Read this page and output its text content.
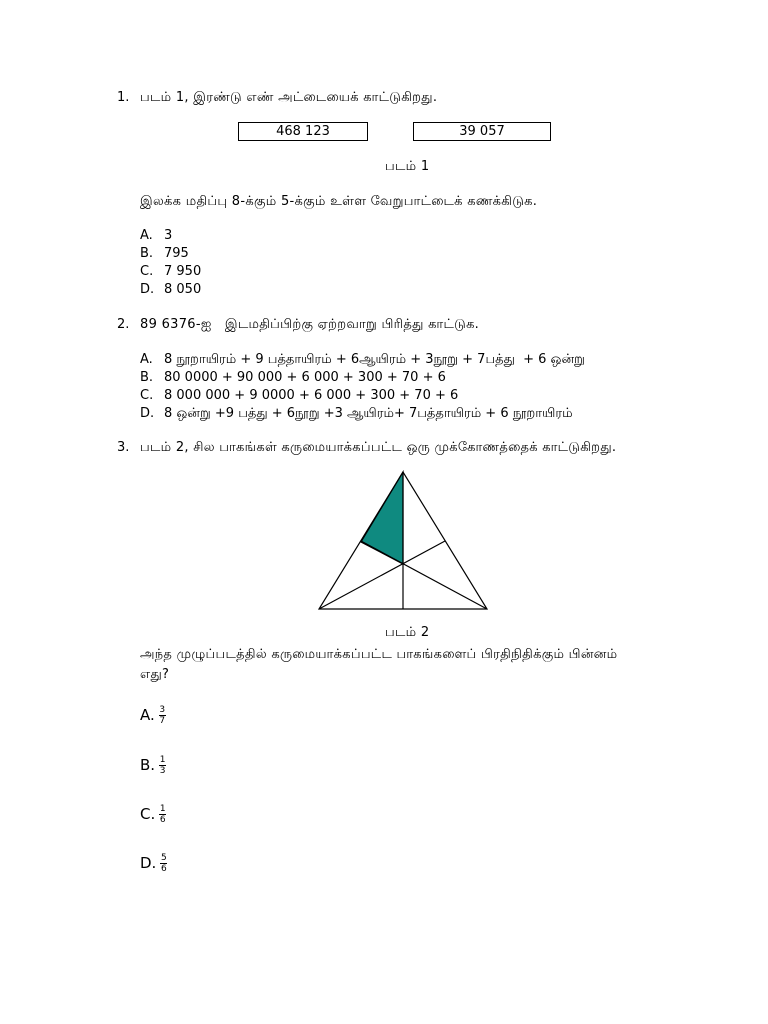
1. படம் 1, இரண்டு எண் அட்டையைக் காட்டுகிறது.
468 123	39 057
படம் 1
இலக்க மதிப்பு 8-க்கும் 5-க்கும் உள்ள வேறுபாட்டைக் கணக்கிடுக.
A. 3
B. 795
C. 7 950
D. 8 050
2. 89 6376-ஐ   இடமதிப்பிற்கு ஏற்றவாறு பிரித்து காட்டுக.
A. 8 நூறாயிரம் + 9 பத்தாயிரம் + 6ஆயிரம் + 3நூறு + 7பத்து  + 6 ஒன்று
B. 80 0000 + 90 000 + 6 000 + 300 + 70 + 6
C. 8 000 000 + 9 0000 + 6 000 + 300 + 70 + 6
D. 8 ஒன்று +9 பத்து + 6நூறு +3 ஆயிரம்+ 7பத்தாயிரம் + 6 நூறாயிரம்
3. படம் 2, சில பாகங்கள் கருமையாக்கப்பட்ட ஒரு முக்கோணத்தைக் காட்டுகிறது.
படம் 2
அந்த முழுப்படத்தில் கருமையாக்கப்பட்ட பாகங்களைப் பிரதிநிதிக்கும் பின்னம்
எது?
A. $\frac{3}{7}$
B. $\frac{1}{3}$
C. $\frac{1}{6}$
D. $\frac{5}{6}$
